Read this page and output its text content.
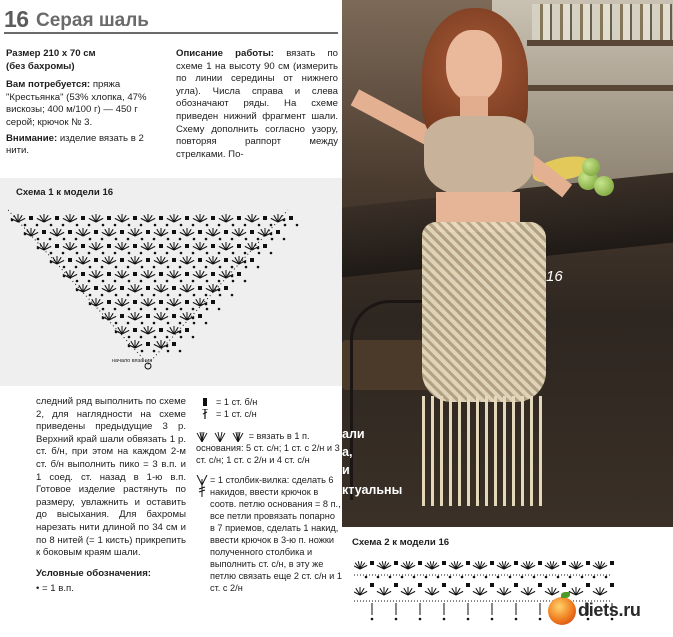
16 Серая шаль

Размер 210 х 70 см
(без бахромы)

Вам потребуется: пряжа "Крестьянка" (53% хлопка, 47% вискозы; 400 м/100 г) — 450 г серой; крючок № 3.

Внимание: изделие вязать в 2 нити.

Описание работы: вязать по схеме 1 на высоту 90 см (измерить по линии середины от нижнего угла). Числа справа и слева обозначают ряды. На схеме приведен нижний фрагмент шали. Схему дополнить согласно узору, повторяя раппорт между стрелками. По-

Схема 1 к модели 16
начало вязания

следний ряд выполнить по схеме 2, для наглядности на схеме приведены предыдущие 3 р. Верхний край шали обвязать 1 р. ст. б/н, при этом на каждом 2-м ст. б/н выполнить пико = 3 в.п. и 1 соед. ст. назад в 1-ю в.п. Готовое изделие растянуть по размеру, увлажнить и оставить до высыхания. Для бахромы нарезать нити длиной по 34 см и по 8 нитей (= 1 кисть) прикрепить к боковым краям шали.

Условные обозначения:

• = 1 в.п.

= 1 ст. б/н
= 1 ст. с/н
= вязать в 1 п. основания: 5 ст. с/н; 1 ст. с 2/н и 3 ст. с/н; 1 ст. с 2/н и 4 ст. с/н
= 1 столбик-вилка: сделать 6 накидов, ввести крючок в соотв. петлю основания = 8 п., все петли провязать попарно в 7 приемов, сделать 1 накид, ввести крючок в 3-ю п. ножки полученного столбика и выполнить ст. с/н, в эту же петлю связать еще 2 ст. с/н и 1 ст. с 2/н
16
али
а,
и
ктуальны
Схема 2 к модели 16
diets.ru
